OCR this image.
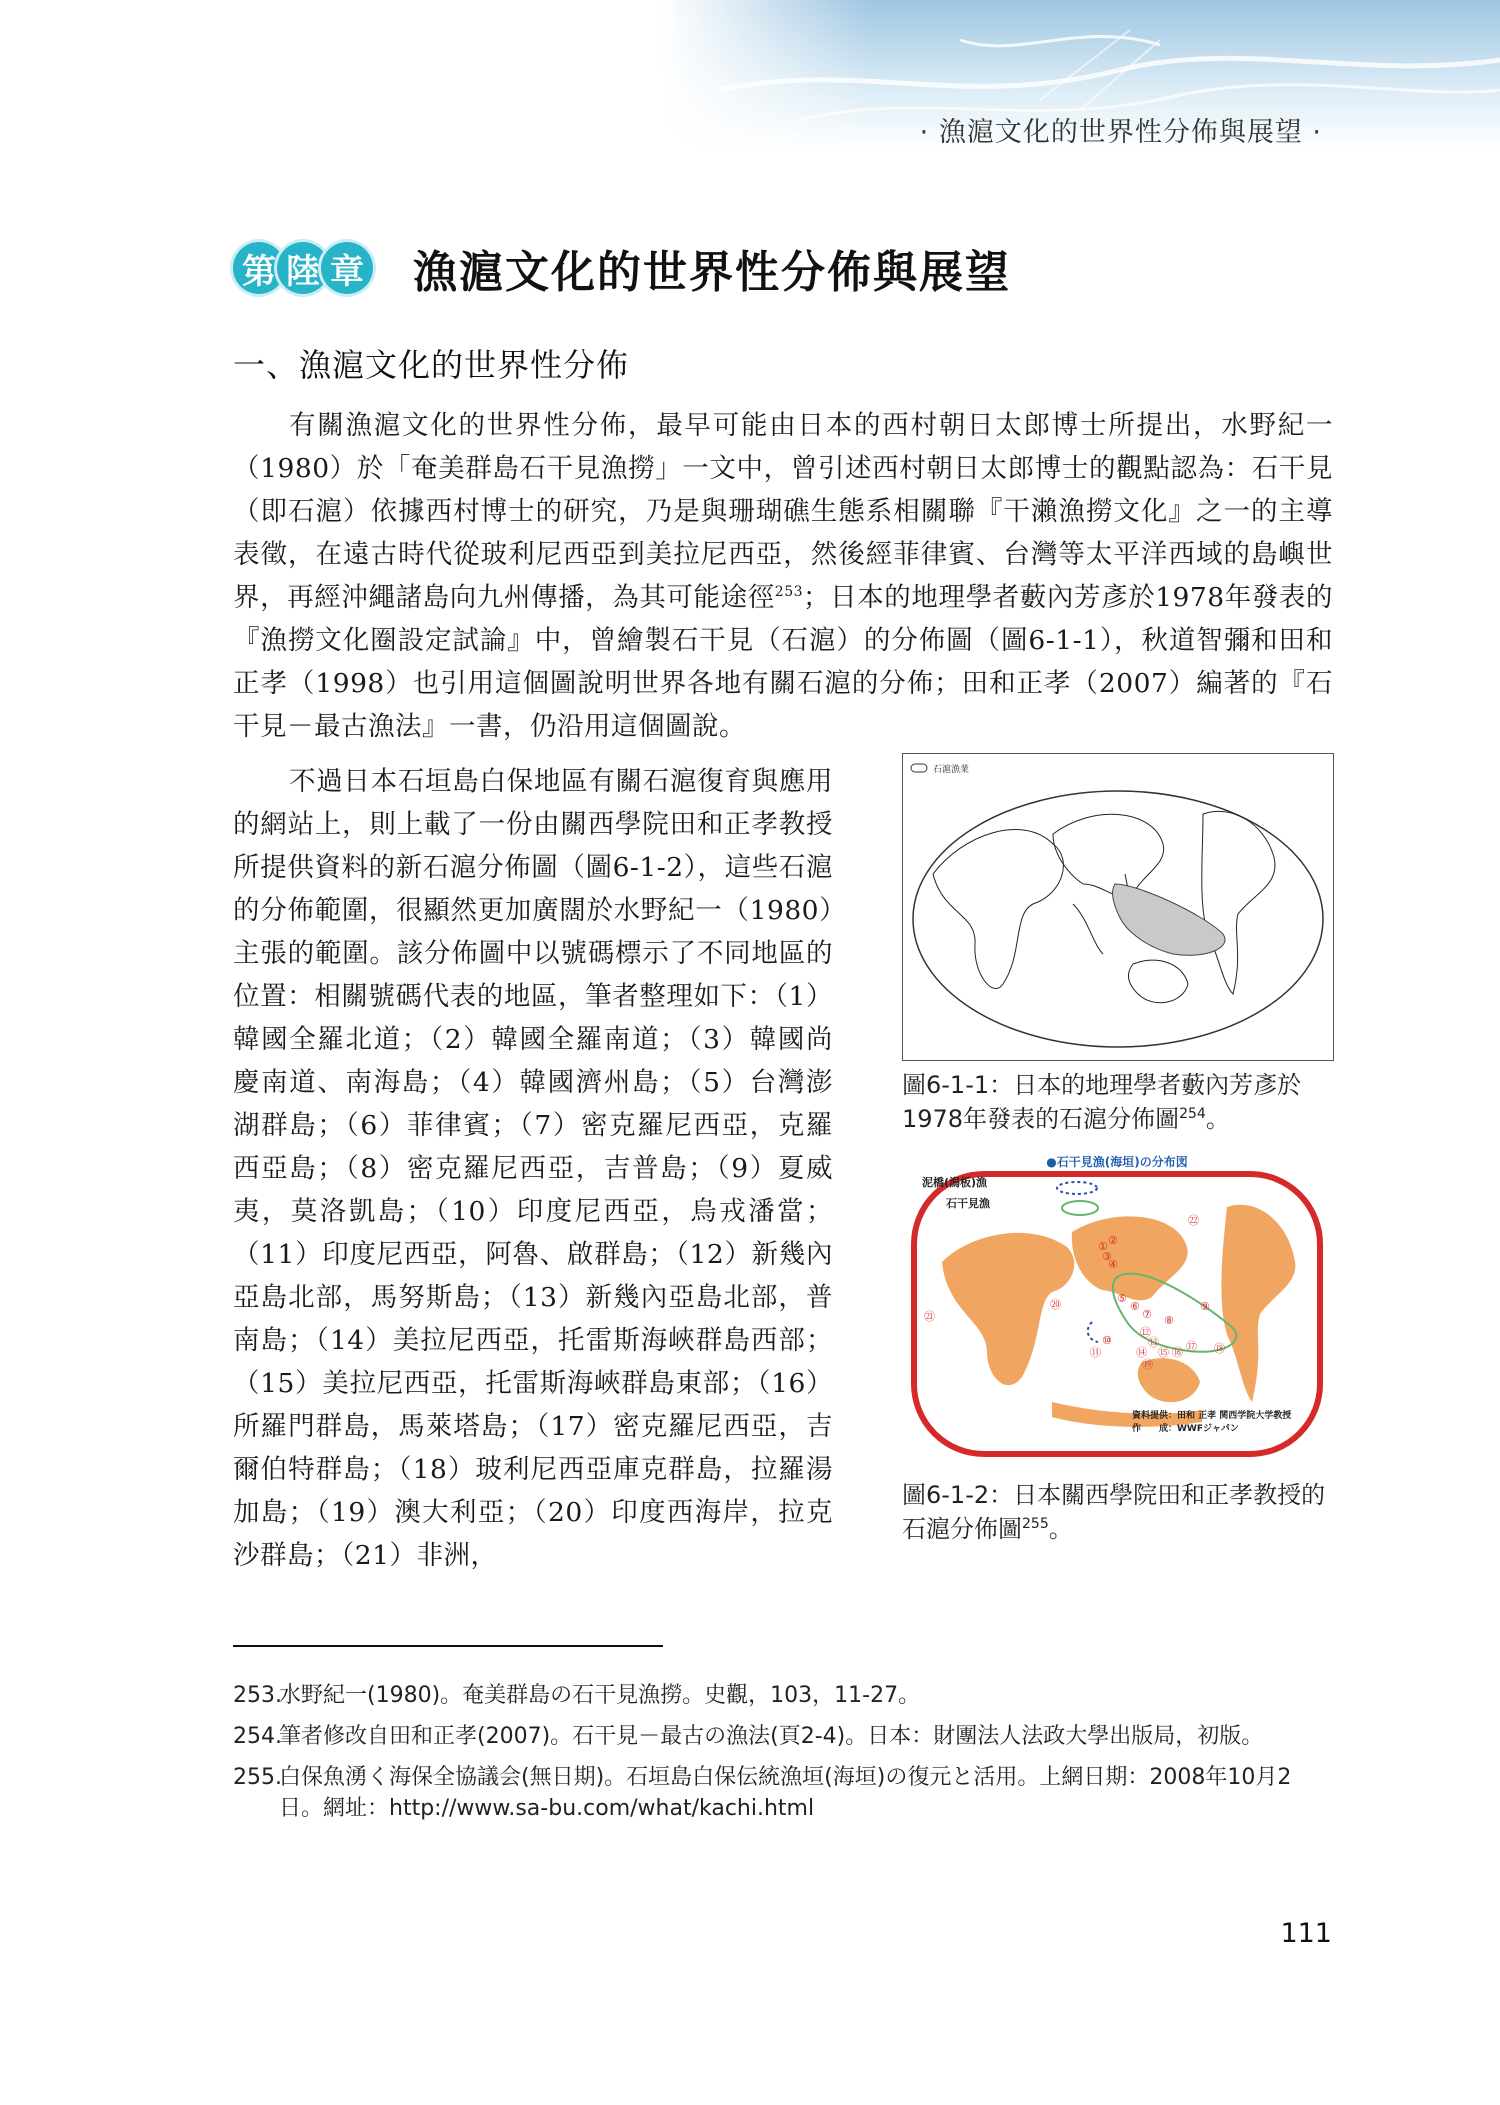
· 漁滬文化的世界性分佈與展望 ·
第 陸 章 漁滬文化的世界性分佈與展望
一、漁滬文化的世界性分佈
有關漁滬文化的世界性分佈，最早可能由日本的西村朝日太郎博士所提出，水野紀一（1980）於「奄美群島石干見漁撈」一文中，曾引述西村朝日太郎博士的觀點認為：石干見（即石滬）依據西村博士的研究，乃是與珊瑚礁生態系相關聯『干瀨漁撈文化』之一的主導表徵，在遠古時代從玻利尼西亞到美拉尼西亞，然後經菲律賓、台灣等太平洋西域的島嶼世界，再經沖繩諸島向九州傳播，為其可能途徑$^{253}$；日本的地理學者藪內芳彥於1978年發表的『漁撈文化圈設定試論』中，曾繪製石干見（石滬）的分佈圖（圖6-1-1），秋道智彌和田和正孝（1998）也引用這個圖說明世界各地有關石滬的分佈；田和正孝（2007）編著的『石干見－最古漁法』一書，仍沿用這個圖說。
不過日本石垣島白保地區有關石滬復育與應用的網站上，則上載了一份由關西學院田和正孝教授所提供資料的新石滬分佈圖（圖6-1-2），這些石滬的分佈範圍，很顯然更加廣闊於水野紀一（1980）主張的範圍。該分佈圖中以號碼標示了不同地區的位置：相關號碼代表的地區，筆者整理如下：（1）韓國全羅北道；（2）韓國全羅南道；（3）韓國尚慶南道、南海島；（4）韓國濟州島；（5）台灣澎湖群島；（6）菲律賓；（7）密克羅尼西亞，克羅西亞島；（8）密克羅尼西亞，吉普島；（9）夏威夷，莫洛凱島；（10）印度尼西亞，烏戎潘當；（11）印度尼西亞，阿魯、啟群島；（12）新幾內亞島北部，馬努斯島；（13）新幾內亞島北部，普南島；（14）美拉尼西亞，托雷斯海峽群島西部；（15）美拉尼西亞，托雷斯海峽群島東部；（16）所羅門群島，馬萊塔島；（17）密克羅尼西亞，吉爾伯特群島；（18）玻利尼西亞庫克群島，拉羅湯加島；（19）澳大利亞；（20）印度西海岸，拉克沙群島；（21）非洲，
石滬漁業
圖6-1-1：日本的地理學者藪內芳彥於1978年發表的石滬分佈圖$^{254}$。
●石干見漁(海垣)の分布図
泥橋(潟板)漁
石干見漁
① ②
③
④
⑤
⑥
⑦ ⑧
⑨
⑩
⑪
⑫
⑬
⑭ ⑮ ⑯ ⑰ ⑱
⑲
⑳
㉑
㉒
資料提供：田和 正孝 関西学院大学教授
作　　成：WWFジャパン
圖6-1-2：日本關西學院田和正孝教授的石滬分佈圖$^{255}$。
253.
水野紀一(1980)。奄美群島の石干見漁撈。史觀，103，11-27。
254.
筆者修改自田和正孝(2007)。石干見－最古の漁法(頁2-4)。日本：財團法人法政大學出版局，初版。
255.
白保魚湧く海保全協議会(無日期)。石垣島白保伝統漁垣(海垣)の復元と活用。上網日期：2008年10月2日。網址：http://www.sa-bu.com/what/kachi.html
111
